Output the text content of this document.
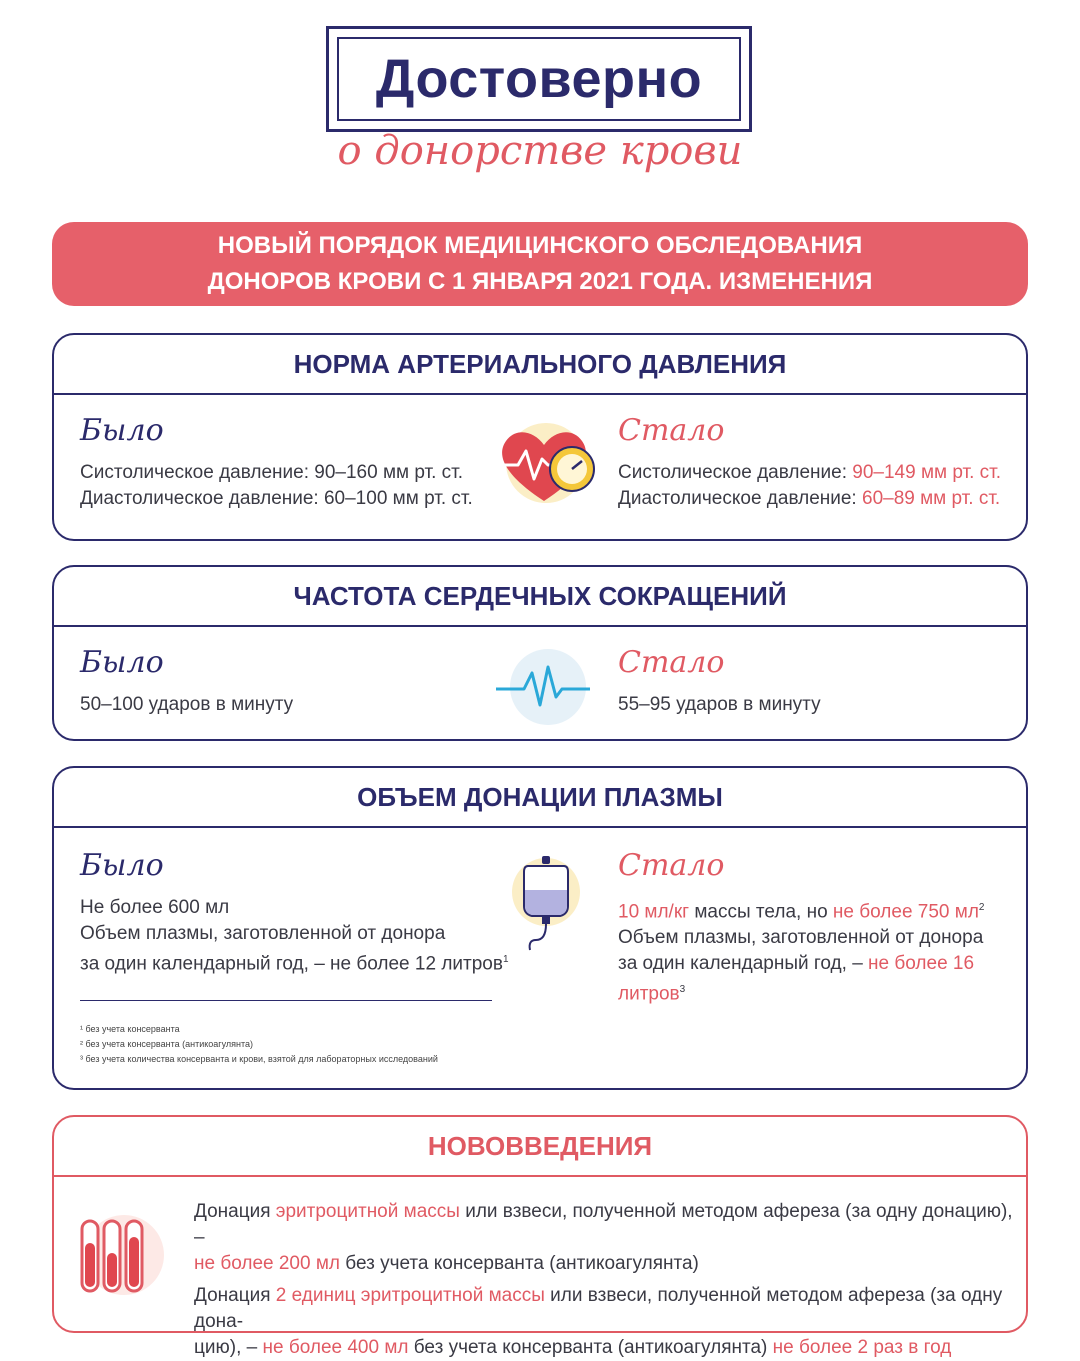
Достоверно
о донорстве крови
НОВЫЙ ПОРЯДОК МЕДИЦИНСКОГО ОБСЛЕДОВАНИЯ
ДОНОРОВ КРОВИ С 1 ЯНВАРЯ 2021 ГОДА. ИЗМЕНЕНИЯ
НОРМА АРТЕРИАЛЬНОГО ДАВЛЕНИЯ
Было
Систолическое давление: 90–160 мм рт. ст.
Диастолическое давление: 60–100 мм рт. ст.
Стало
Систолическое давление: 90–149 мм рт. ст.
Диастолическое давление: 60–89 мм рт. ст.
ЧАСТОТА СЕРДЕЧНЫХ СОКРАЩЕНИЙ
Было
50–100 ударов в минуту
Стало
55–95 ударов в минуту
ОБЪЕМ ДОНАЦИИ ПЛАЗМЫ
Было
Не более 600 мл
Объем плазмы, заготовленной от донора
за один календарный год, – не более 12 литров$^1$
¹ без учета консерванта
² без учета консерванта (антикоагулянта)
³ без учета количества консерванта и крови, взятой для лабораторных исследований
Стало
10 мл/кг массы тела, но не более 750 $мл^2$
Объем плазмы, заготовленной от донора
за один календарный год, – не более 16 литров$^3$
НОВОВВЕДЕНИЯ
Донация эритроцитной массы или взвеси, полученной методом афереза (за одну донацию), –
не более 200 мл без учета консерванта (антикоагулянта)
Донация 2 единиц эритроцитной массы или взвеси, полученной методом афереза (за одну дона-
цию), – не более 400 мл без учета консерванта (антикоагулянта) не более 2 раз в год
